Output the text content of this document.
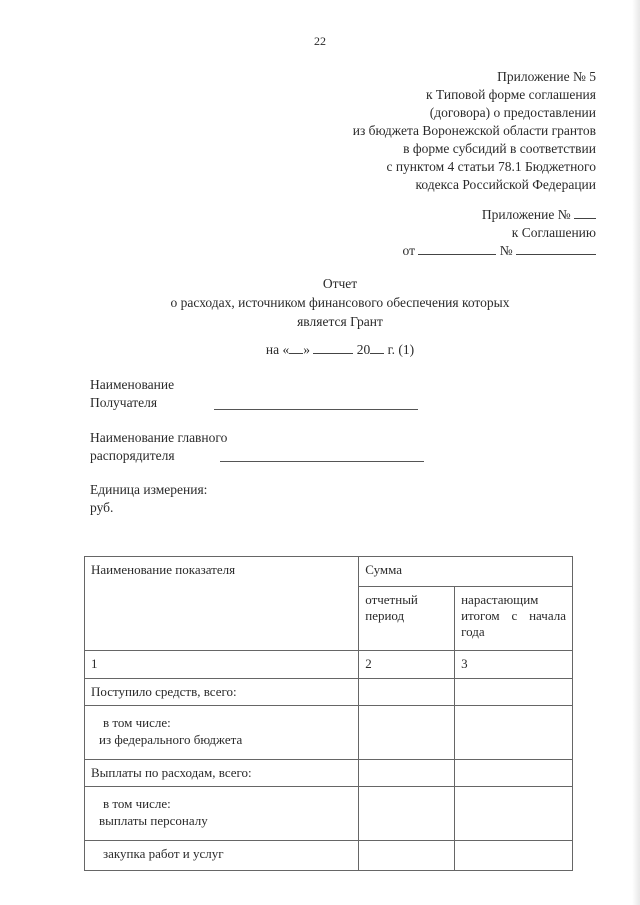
22
Приложение № 5
к Типовой форме соглашения
(договора) о предоставлении
из бюджета Воронежской области грантов
в форме субсидий в соответствии
с пунктом 4 статьи 78.1 Бюджетного
кодекса Российской Федерации
Приложение №
к Соглашению
от	№
Отчет
о расходах, источником финансового обеспечения которых
является Грант
на « »	20 г. (1)
Наименование
Получателя
Наименование главного
распорядителя
Единица измерения:
руб.
Наименование показателя	Сумма	
	отчетный период	нарастающим итогом с начала года
1	2	3
Поступило средств, всего:		

в том числе:
из федерального бюджета		

Выплаты по расходам, всего:		

в том числе:
выплаты персоналу		

закупка работ и услуг		
